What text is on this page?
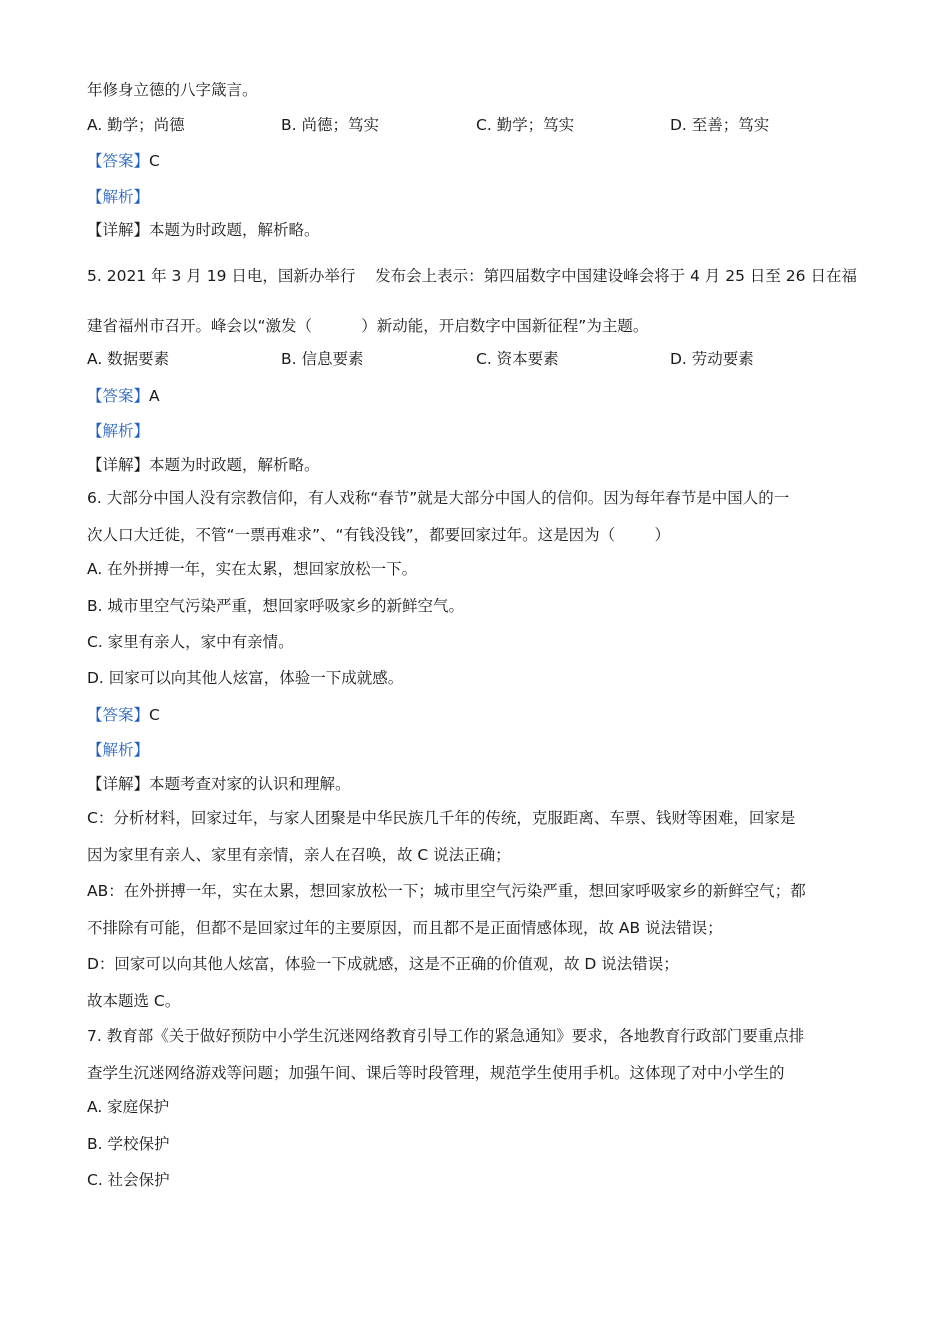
年修身立德的八字箴言。
A. 勤学；尚德	B. 尚德；笃实	C. 勤学；笃实	D. 至善；笃实
【答案】C
【解析】
【详解】本题为时政题，解析略。
5. 2021 年 3 月 19 日电，国新办举行    发布会上表示：第四届数字中国建设峰会将于 4 月 25 日至 26 日在福
建省福州市召开。峰会以“激发（          ）新动能，开启数字中国新征程”为主题。
A. 数据要素	B. 信息要素	C. 资本要素	D. 劳动要素
【答案】A
【解析】
【详解】本题为时政题，解析略。
6. 大部分中国人没有宗教信仰，有人戏称“春节”就是大部分中国人的信仰。因为每年春节是中国人的一
次人口大迁徙，不管“一票再难求”、“有钱没钱”，都要回家过年。这是因为（        ）
A. 在外拼搏一年，实在太累，想回家放松一下。
B. 城市里空气污染严重，想回家呼吸家乡的新鲜空气。
C. 家里有亲人，家中有亲情。
D. 回家可以向其他人炫富，体验一下成就感。
【答案】C
【解析】
【详解】本题考查对家的认识和理解。
C：分析材料，回家过年，与家人团聚是中华民族几千年的传统，克服距离、车票、钱财等困难，回家是
因为家里有亲人、家里有亲情，亲人在召唤，故 C 说法正确；
AB：在外拼搏一年，实在太累，想回家放松一下；城市里空气污染严重，想回家呼吸家乡的新鲜空气；都
不排除有可能，但都不是回家过年的主要原因，而且都不是正面情感体现，故 AB 说法错误；
D：回家可以向其他人炫富，体验一下成就感，这是不正确的价值观，故 D 说法错误；
故本题选 C。
7. 教育部《关于做好预防中小学生沉迷网络教育引导工作的紧急通知》要求，各地教育行政部门要重点排
查学生沉迷网络游戏等问题；加强午间、课后等时段管理，规范学生使用手机。这体现了对中小学生的
A. 家庭保护
B. 学校保护
C. 社会保护
